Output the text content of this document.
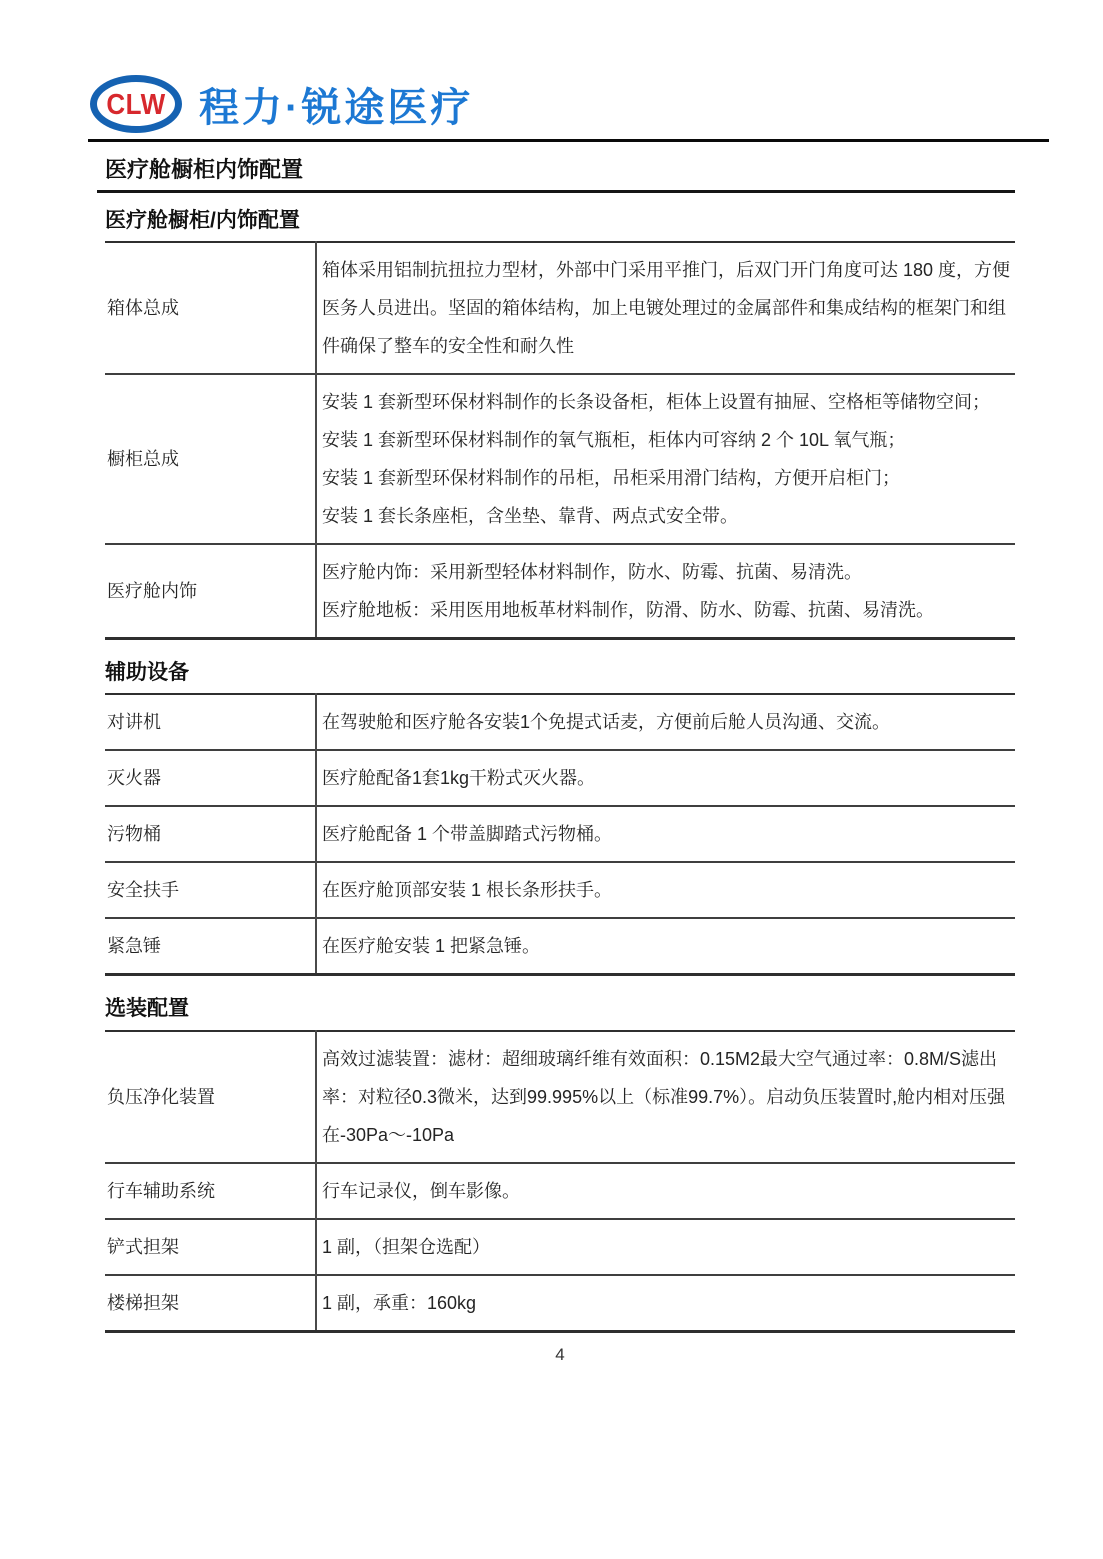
CLW 程力·锐途医疗
医疗舱橱柜内饰配置
医疗舱橱柜/内饰配置
箱体总成	箱体采用铝制抗扭拉力型材，外部中门采用平推门，后双门开门角度可达 180 度，方便医务人员进出。坚固的箱体结构，加上电镀处理过的金属部件和集成结构的框架门和组件确保了整车的安全性和耐久性

橱柜总成	安装 1 套新型环保材料制作的长条设备柜，柜体上设置有抽屉、空格柜等储物空间；
安装 1 套新型环保材料制作的氧气瓶柜，柜体内可容纳 2 个 10L 氧气瓶；
安装 1 套新型环保材料制作的吊柜，吊柜采用滑门结构，方便开启柜门；
安装 1 套长条座柜，含坐垫、靠背、两点式安全带。

医疗舱内饰	医疗舱内饰：采用新型轻体材料制作，防水、防霉、抗菌、易清洗。
医疗舱地板：采用医用地板革材料制作，防滑、防水、防霉、抗菌、易清洗。
辅助设备
对讲机	在驾驶舱和医疗舱各安装1个免提式话麦，方便前后舱人员沟通、交流。

灭火器	医疗舱配备1套1kg干粉式灭火器。

污物桶	医疗舱配备 1 个带盖脚踏式污物桶。

安全扶手	在医疗舱顶部安装 1 根长条形扶手。

紧急锤	在医疗舱安装 1 把紧急锤。
选装配置
负压净化装置	高效过滤装置：滤材：超细玻璃纤维有效面积：0.15M2最大空气通过率：0.8M/S滤出率：对粒径0.3微米，达到99.995%以上（标准99.7%）。启动负压装置时,舱内相对压强在-30Pa～-10Pa

行车辅助系统	行车记录仪，倒车影像。

铲式担架	1 副，（担架仓选配）

楼梯担架	1 副，承重：160kg
4
